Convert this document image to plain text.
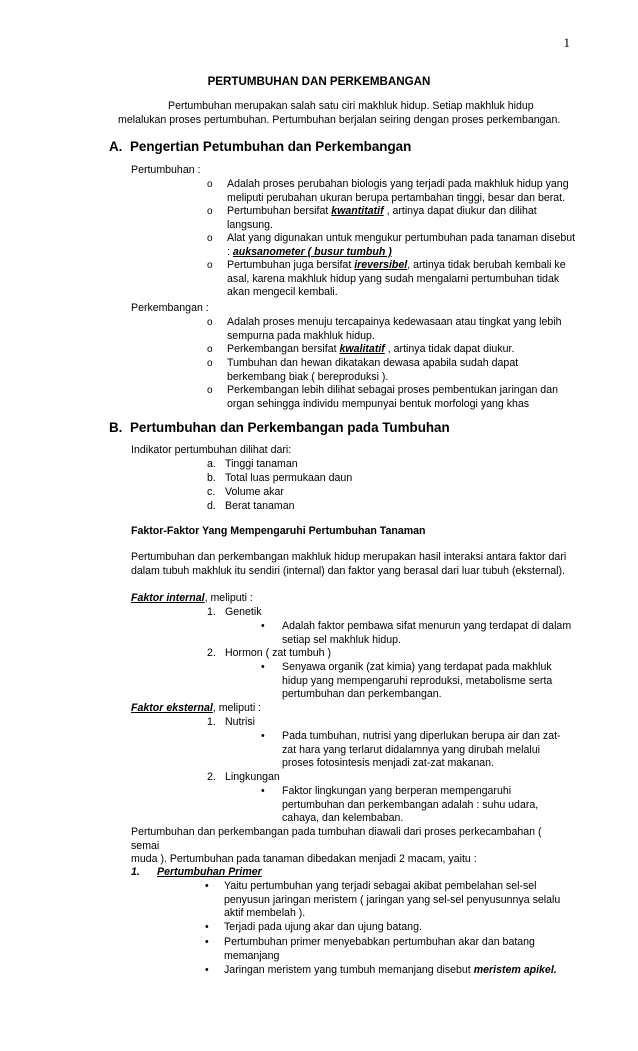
1
PERTUMBUHAN DAN PERKEMBANGAN

Pertumbuhan merupakan salah satu ciri makhluk hidup. Setiap makhluk hidup

melalukan proses pertumbuhan. Pertumbuhan berjalan seiring dengan proses perkembangan.

A. Pengertian Petumbuhan dan Perkembangan
Pertumbuhan :
o Adalah proses perubahan biologis yang terjadi pada makhluk hidup yang
meliputi perubahan ukuran berupa pertambahan tinggi, besar dan berat.
o Pertumbuhan bersifat kwantitatif , artinya dapat diukur dan dilihat
langsung.
o Alat yang digunakan untuk mengukur pertumbuhan pada tanaman disebut
: auksanometer ( busur tumbuh )
o Pertumbuhan juga bersifat ireversibel, artinya tidak berubah kembali ke
asal, karena makhluk hidup yang sudah mengalami pertumbuhan tidak
akan mengecil kembali.
Perkembangan :
o Adalah proses menuju tercapainya kedewasaan atau tingkat yang lebih
sempurna pada makhluk hidup.
o Perkembangan bersifat kwalitatif , artinya tidak dapat diukur.
o Tumbuhan dan hewan dikatakan dewasa apabila sudah dapat
berkembang biak ( bereproduksi ).
o Perkembangan lebih dilihat sebagai proses pembentukan jaringan dan
organ sehingga individu mempunyai bentuk morfologi yang khas
B. Pertumbuhan dan Perkembangan pada Tumbuhan
Indikator pertumbuhan dilihat dari:
a. Tinggi tanaman
b. Total luas permukaan daun
c. Volume akar
d. Berat tanaman
Faktor-Faktor Yang Mempengaruhi Pertumbuhan Tanaman
Pertumbuhan dan perkembangan makhluk hidup merupakan hasil interaksi antara faktor dari
dalam tubuh makhluk itu sendiri (internal) dan faktor yang berasal dari luar tubuh (eksternal).
Faktor internal, meliputi :
1. Genetik
• Adalah faktor pembawa sifat menurun yang terdapat di dalam
setiap sel makhluk hidup.
2. Hormon ( zat tumbuh )
• Senyawa organik (zat kimia) yang terdapat pada makhluk
hidup yang mempengaruhi reproduksi, metabolisme serta
pertumbuhan dan perkembangan.
Faktor eksternal, meliputi :
1. Nutrisi
• Pada tumbuhan, nutrisi yang diperlukan berupa air dan zat-
zat hara yang terlarut didalamnya yang dirubah melalui
proses fotosintesis menjadi zat-zat makanan.
2. Lingkungan
• Faktor lingkungan yang berperan mempengaruhi
pertumbuhan dan perkembangan adalah : suhu udara,
cahaya, dan kelembaban.
Pertumbuhan dan perkembangan pada tumbuhan diawali dari proses perkecambahan ( semai
muda ). Pertumbuhan pada tanaman dibedakan menjadi 2 macam, yaitu :
1. Pertumbuhan Primer
• Yaitu pertumbuhan yang terjadi sebagai akibat pembelahan sel-sel
penyusun jaringan meristem ( jaringan yang sel-sel penyusunnya selalu
aktif membelah ).
• Terjadi pada ujung akar dan ujung batang.
• Pertumbuhan primer menyebabkan pertumbuhan akar dan batang
memanjang
• Jaringan meristem yang tumbuh memanjang disebut meristem apikel.
